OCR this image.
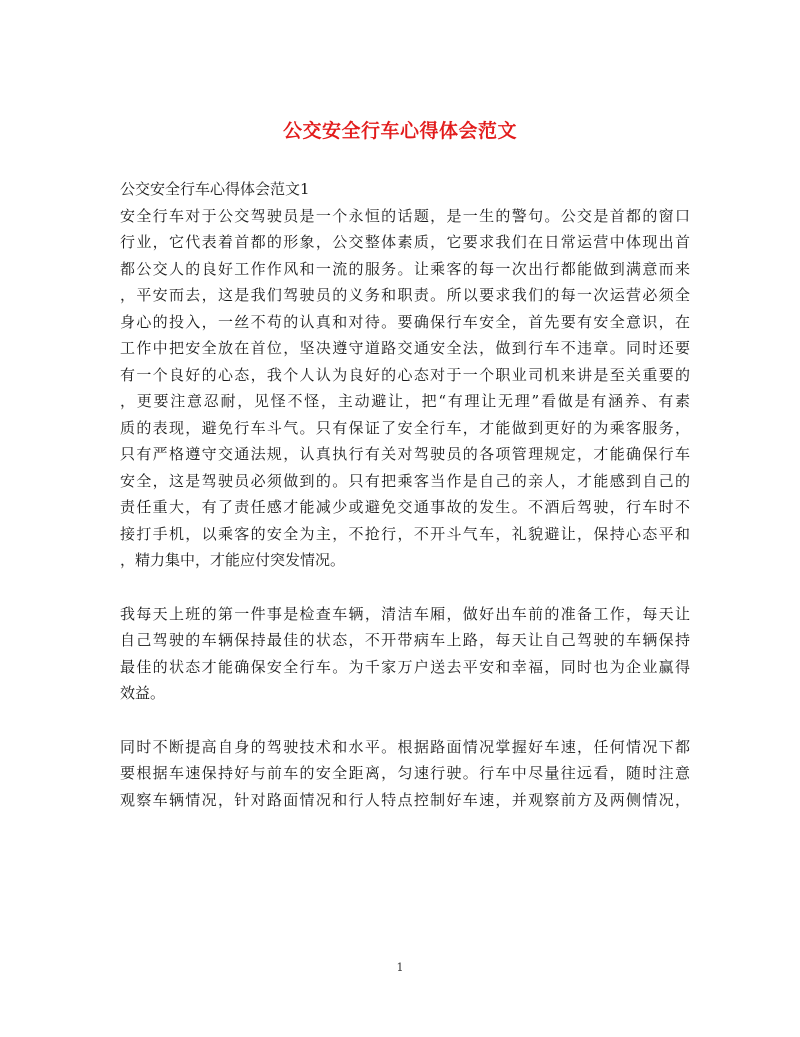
公交安全行车心得体会范文
公交安全行车心得体会范文1
安全行车对于公交驾驶员是一个永恒的话题，是一生的警句。公交是首都的窗口
行业，它代表着首都的形象，公交整体素质，它要求我们在日常运营中体现出首
都公交人的良好工作作风和一流的服务。让乘客的每一次出行都能做到满意而来
，平安而去，这是我们驾驶员的义务和职责。所以要求我们的每一次运营必须全
身心的投入，一丝不苟的认真和对待。要确保行车安全，首先要有安全意识，在
工作中把安全放在首位，坚决遵守道路交通安全法，做到行车不违章。同时还要
有一个良好的心态，我个人认为良好的心态对于一个职业司机来讲是至关重要的
，更要注意忍耐，见怪不怪，主动避让，把“有理让无理”看做是有涵养、有素
质的表现，避免行车斗气。只有保证了安全行车，才能做到更好的为乘客服务，
只有严格遵守交通法规，认真执行有关对驾驶员的各项管理规定，才能确保行车
安全，这是驾驶员必须做到的。只有把乘客当作是自己的亲人，才能感到自己的
责任重大，有了责任感才能减少或避免交通事故的发生。不酒后驾驶，行车时不
接打手机，以乘客的安全为主，不抢行，不开斗气车，礼貌避让，保持心态平和
，精力集中，才能应付突发情况。
我每天上班的第一件事是检查车辆，清洁车厢，做好出车前的准备工作，每天让
自己驾驶的车辆保持最佳的状态，不开带病车上路，每天让自己驾驶的车辆保持
最佳的状态才能确保安全行车。为千家万户送去平安和幸福，同时也为企业赢得
效益。
同时不断提高自身的驾驶技术和水平。根据路面情况掌握好车速，任何情况下都
要根据车速保持好与前车的安全距离，匀速行驶。行车中尽量往远看，随时注意
观察车辆情况，针对路面情况和行人特点控制好车速，并观察前方及两侧情况，
1
